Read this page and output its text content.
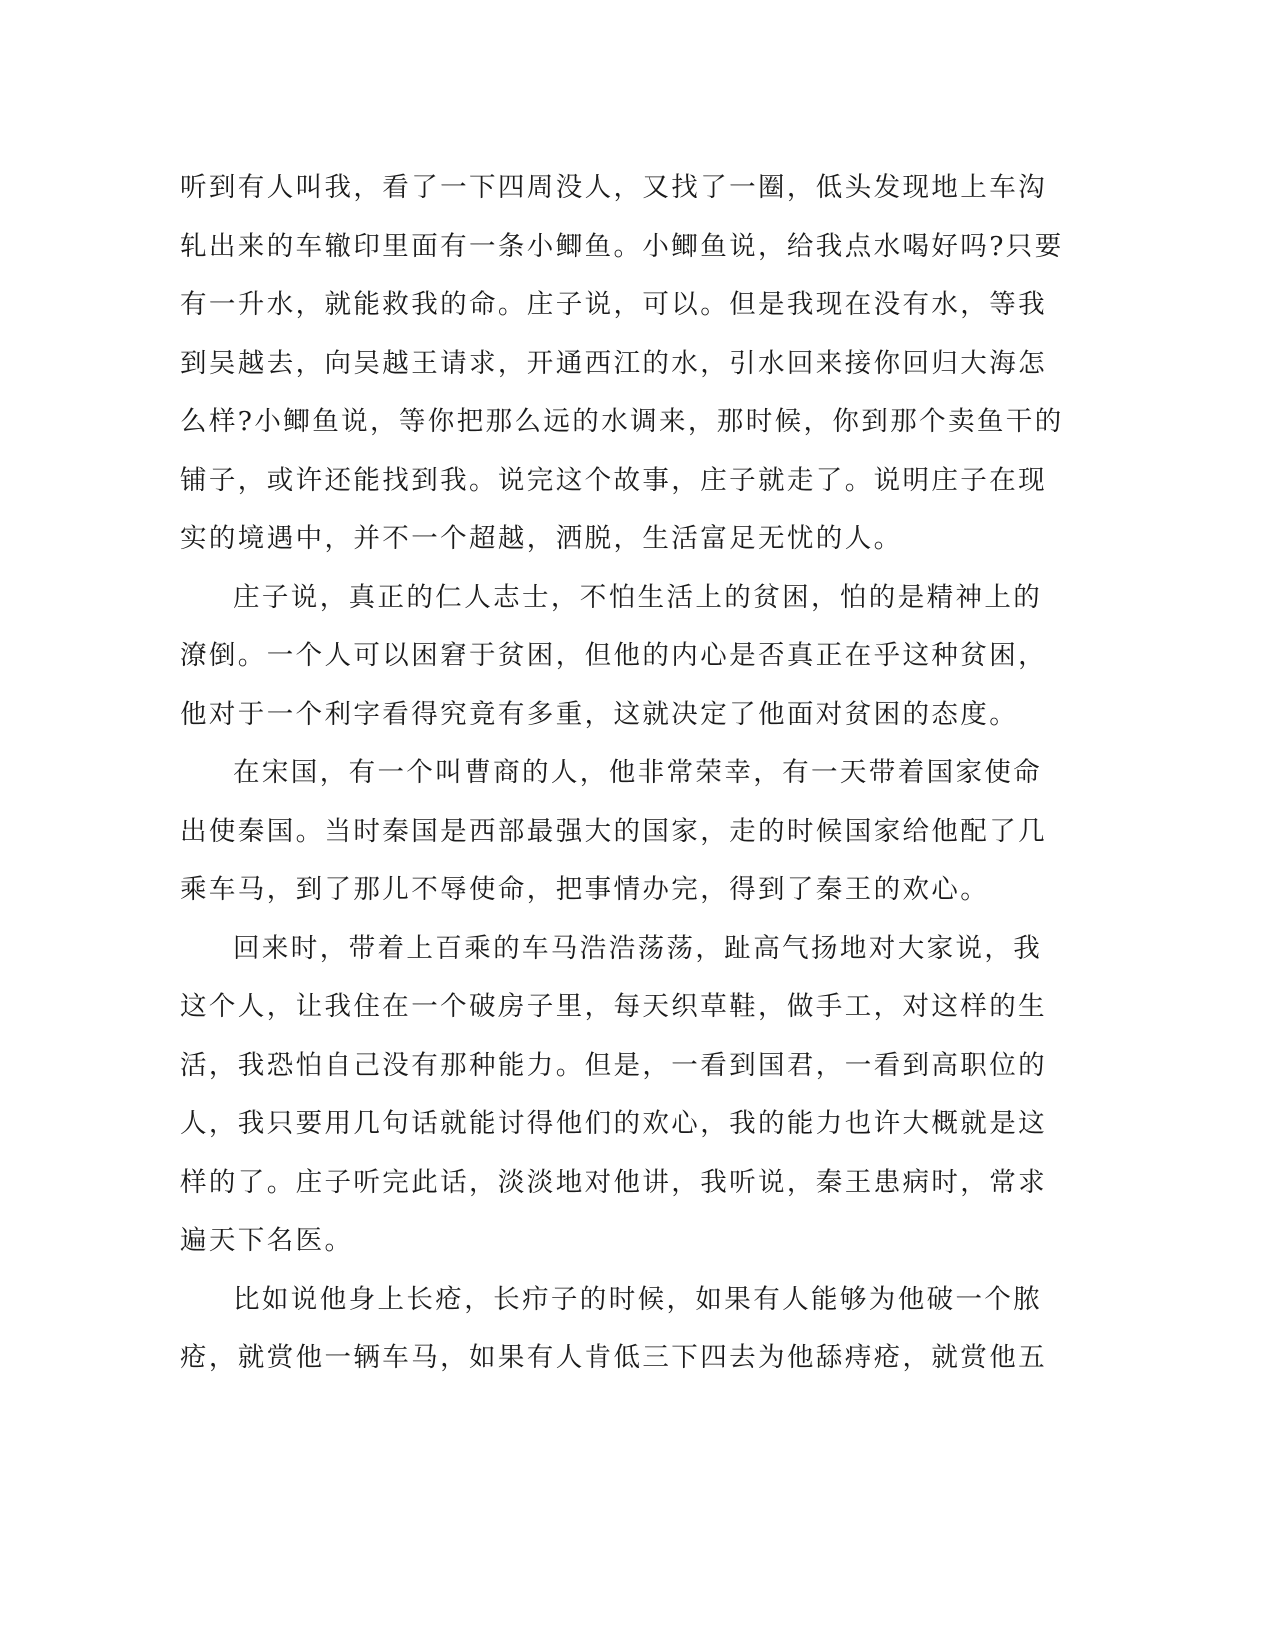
听到有人叫我，看了一下四周没人，又找了一圈，低头发现地上车沟
轧出来的车辙印里面有一条小鲫鱼。小鲫鱼说，给我点水喝好吗?只要
有一升水，就能救我的命。庄子说，可以。但是我现在没有水，等我
到吴越去，向吴越王请求，开通西江的水，引水回来接你回归大海怎
么样?小鲫鱼说，等你把那么远的水调来，那时候，你到那个卖鱼干的
铺子，或许还能找到我。说完这个故事，庄子就走了。说明庄子在现
实的境遇中，并不一个超越，洒脱，生活富足无忧的人。

庄子说，真正的仁人志士，不怕生活上的贫困，怕的是精神上的
潦倒。一个人可以困窘于贫困，但他的内心是否真正在乎这种贫困，
他对于一个利字看得究竟有多重，这就决定了他面对贫困的态度。

在宋国，有一个叫曹商的人，他非常荣幸，有一天带着国家使命
出使秦国。当时秦国是西部最强大的国家，走的时候国家给他配了几
乘车马，到了那儿不辱使命，把事情办完，得到了秦王的欢心。

回来时，带着上百乘的车马浩浩荡荡，趾高气扬地对大家说，我
这个人，让我住在一个破房子里，每天织草鞋，做手工，对这样的生
活，我恐怕自己没有那种能力。但是，一看到国君，一看到高职位的
人，我只要用几句话就能讨得他们的欢心，我的能力也许大概就是这
样的了。庄子听完此话，淡淡地对他讲，我听说，秦王患病时，常求
遍天下名医。

比如说他身上长疮，长疖子的时候，如果有人能够为他破一个脓
疮，就赏他一辆车马，如果有人肯低三下四去为他舔痔疮，就赏他五
